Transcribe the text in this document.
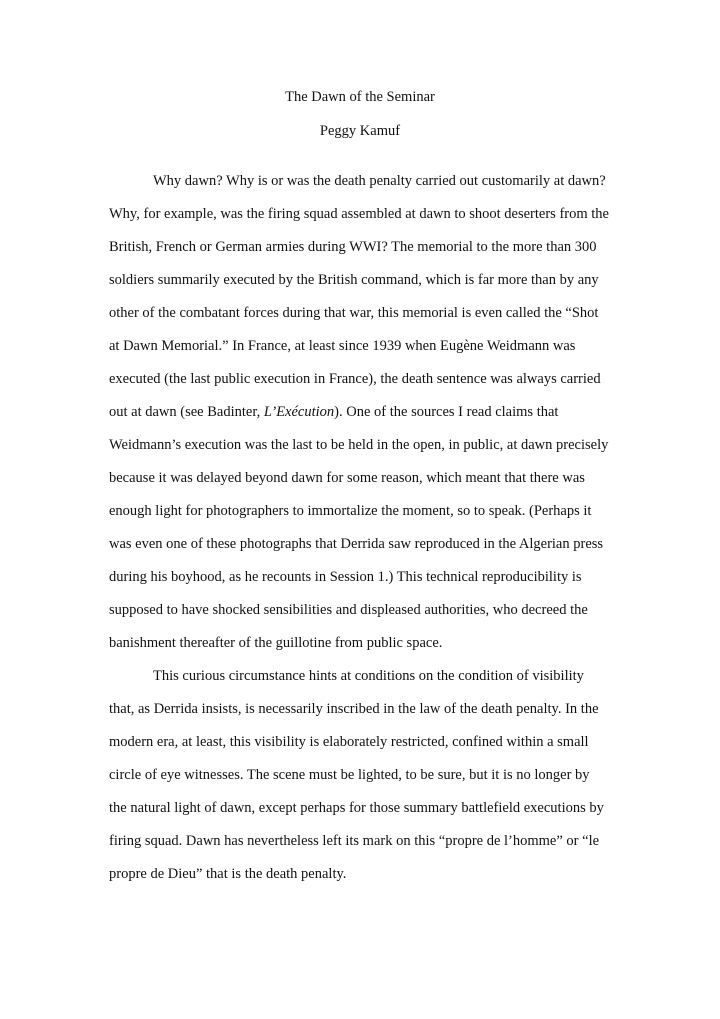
The Dawn of the Seminar

Peggy Kamuf

Why dawn? Why is or was the death penalty carried out customarily at dawn?

Why, for example, was the firing squad assembled at dawn to shoot deserters from the

British, French or German armies during WWI? The memorial to the more than 300

soldiers summarily executed by the British command, which is far more than by any

other of the combatant forces during that war, this memorial is even called the “Shot

at Dawn Memorial.” In France, at least since 1939 when Eugène Weidmann was

executed (the last public execution in France), the death sentence was always carried

out at dawn (see Badinter, L’Exécution). One of the sources I read claims that

Weidmann’s execution was the last to be held in the open, in public, at dawn precisely

because it was delayed beyond dawn for some reason, which meant that there was

enough light for photographers to immortalize the moment, so to speak. (Perhaps it

was even one of these photographs that Derrida saw reproduced in the Algerian press

during his boyhood, as he recounts in Session 1.) This technical reproducibility is

supposed to have shocked sensibilities and displeased authorities, who decreed the

banishment thereafter of the guillotine from public space.

This curious circumstance hints at conditions on the condition of visibility

that, as Derrida insists, is necessarily inscribed in the law of the death penalty. In the

modern era, at least, this visibility is elaborately restricted, confined within a small

circle of eye witnesses. The scene must be lighted, to be sure, but it is no longer by

the natural light of dawn, except perhaps for those summary battlefield executions by

firing squad. Dawn has nevertheless left its mark on this “propre de l’homme” or “le

propre de Dieu” that is the death penalty.
